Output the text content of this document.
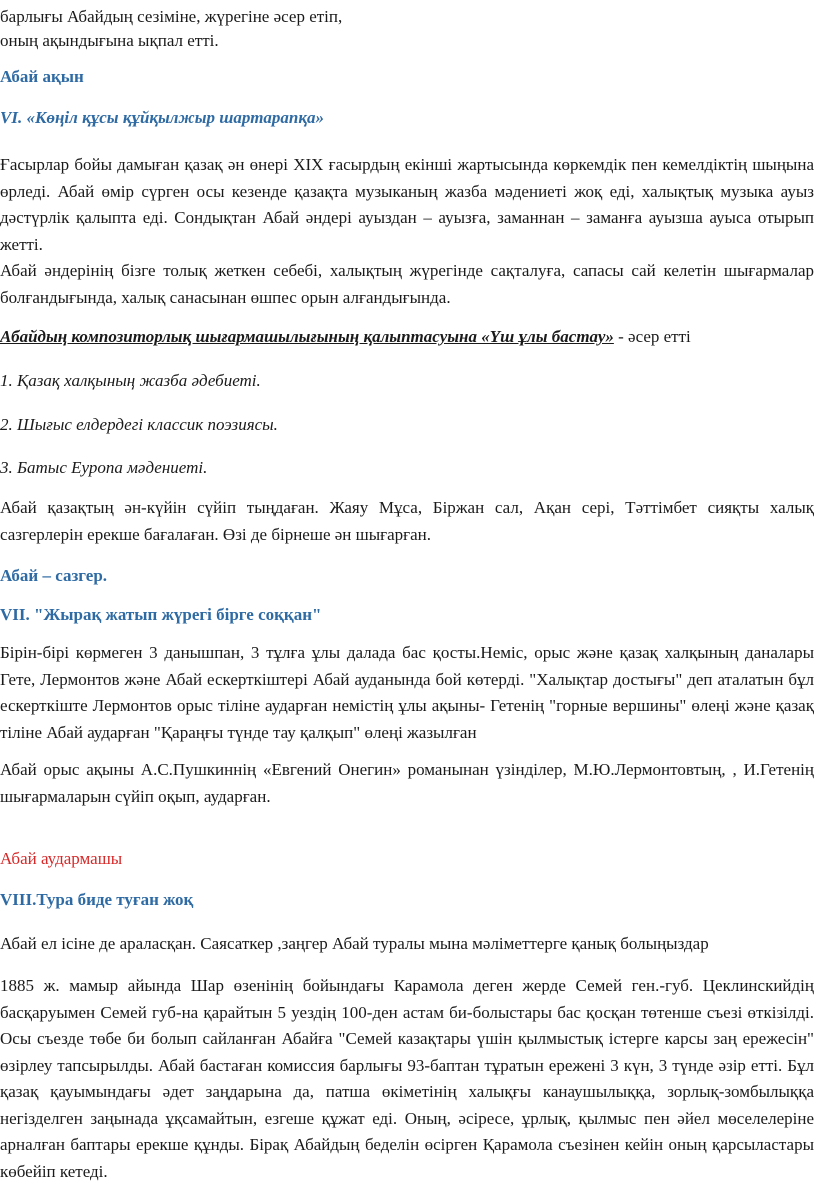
барлығы Абайдың сезіміне, жүрегіне әсер етіп,

оның ақындығына ықпал етті.

Абай ақын

VI. «Көңіл құсы құйқылжыр шартарапқа»

Ғасырлар бойы дамыған қазақ ән өнері XIX ғасырдың екінші жартысында көркемдік пен кемелдіктің шыңына өрледі. Абай өмір сүрген осы кезенде қазақта музыканың жазба мәдениеті жоқ еді, халықтық музыка ауыз дәстүрлік қалыпта еді. Сондықтан Абай әндері ауыздан – ауызға, заманнан – заманға ауызша ауыса отырып жетті.

Абай әндерінің бізге толық жеткен себебі, халықтың жүрегінде сақталуға, сапасы сай келетін шығармалар болғандығында, халық санасынан өшпес орын алғандығында.

Абайдың композиторлық шығармашылығының қалыптасуына «Үш ұлы бастау» - әсер етті

1. Қазақ халқының жазба әдебиеті.

2. Шығыс елдердегі классик поэзиясы.

3. Батыс Еуропа мәдениеті.

Абай қазақтың ән-күйін сүйіп тыңдаған. Жаяу Мұса, Біржан сал, Ақан сері, Тәттімбет сияқты халық сазгерлерін ерекше бағалаған. Өзі де бірнеше ән шығарған.

Абай – сазгер.

VII. "Жырақ жатып жүрегі бірге соққан"

Бірін-бірі көрмеген 3 данышпан, 3 тұлға ұлы далада бас қосты.Неміс, орыс және қазақ халқының даналары Гете, Лермонтов және Абай ескерткіштері Абай ауданында бой көтерді. "Халықтар достығы" деп аталатын бұл ескерткіште Лермонтов орыс тіліне аударған немістің ұлы ақыны- Гетенің "горные вершины" өлеңі және қазақ тіліне Абай аударған "Қараңғы түнде тау қалқып" өлеңі жазылған

Абай орыс ақыны А.С.Пушкиннің «Евгений Онегин» романынан үзінділер, М.Ю.Лермонтовтың, , И.Гетенің шығармаларын сүйіп оқып, аударған.

Абай аудармашы

VIII.Тура биде туған жоқ

Абай ел ісіне де араласқан. Саясаткер ,заңгер Абай туралы мына мәліметтерге қанық болыңыздар

1885 ж. мамыр айында Шар өзенінің бойындағы Карамола деген жерде Семей ген.-губ. Цеклинскийдің басқаруымен Семей губ-на қарайтын 5 уездің 100-ден астам би-болыстары бас қосқан төтенше съезі өткізілді. Осы съезде төбе би болып сайланған Абайға "Семей казақтары үшін қылмыстық істерге карсы заң ережесін" өзірлеу тапсырылды. Абай бастаған комиссия барлығы 93-баптан тұратын ережені 3 күн, 3 түнде әзір етті. Бұл қазақ қауымындағы әдет заңдарына да, патша өкіметінің халықғы канаушылыққа, зорлық-зомбылыққа негізделген заңынада ұқсамайтын, езгеше құжат еді. Оның, әсіресе, ұрлық, қылмыс пен әйел мөселелеріне арналған баптары ерекше құнды. Бірақ Абайдың беделін өсірген Қарамола съезінен кейін оның қарсыластары көбейіп кетеді.
